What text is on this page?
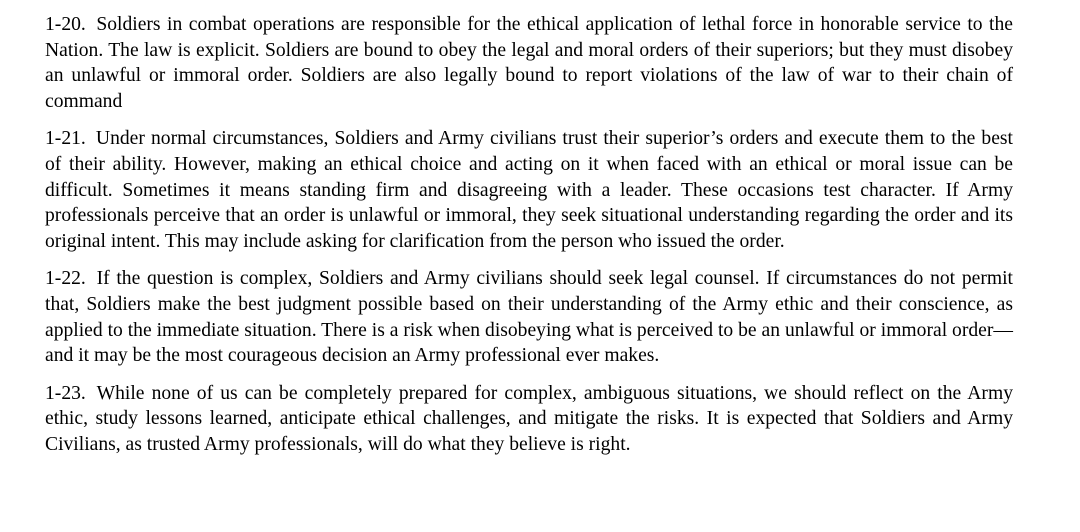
1-20. Soldiers in combat operations are responsible for the ethical application of lethal force in honorable service to the Nation. The law is explicit. Soldiers are bound to obey the legal and moral orders of their superiors; but they must disobey an unlawful or immoral order. Soldiers are also legally bound to report violations of the law of war to their chain of command

1-21. Under normal circumstances, Soldiers and Army civilians trust their superior’s orders and execute them to the best of their ability. However, making an ethical choice and acting on it when faced with an ethical or moral issue can be difficult. Sometimes it means standing firm and disagreeing with a leader. These occasions test character. If Army professionals perceive that an order is unlawful or immoral, they seek situational understanding regarding the order and its original intent. This may include asking for clarification from the person who issued the order.

1-22. If the question is complex, Soldiers and Army civilians should seek legal counsel. If circumstances do not permit that, Soldiers make the best judgment possible based on their understanding of the Army ethic and their conscience, as applied to the immediate situation. There is a risk when disobeying what is perceived to be an unlawful or immoral order—and it may be the most courageous decision an Army professional ever makes.

1-23. While none of us can be completely prepared for complex, ambiguous situations, we should reflect on the Army ethic, study lessons learned, anticipate ethical challenges, and mitigate the risks. It is expected that Soldiers and Army Civilians, as trusted Army professionals, will do what they believe is right.
